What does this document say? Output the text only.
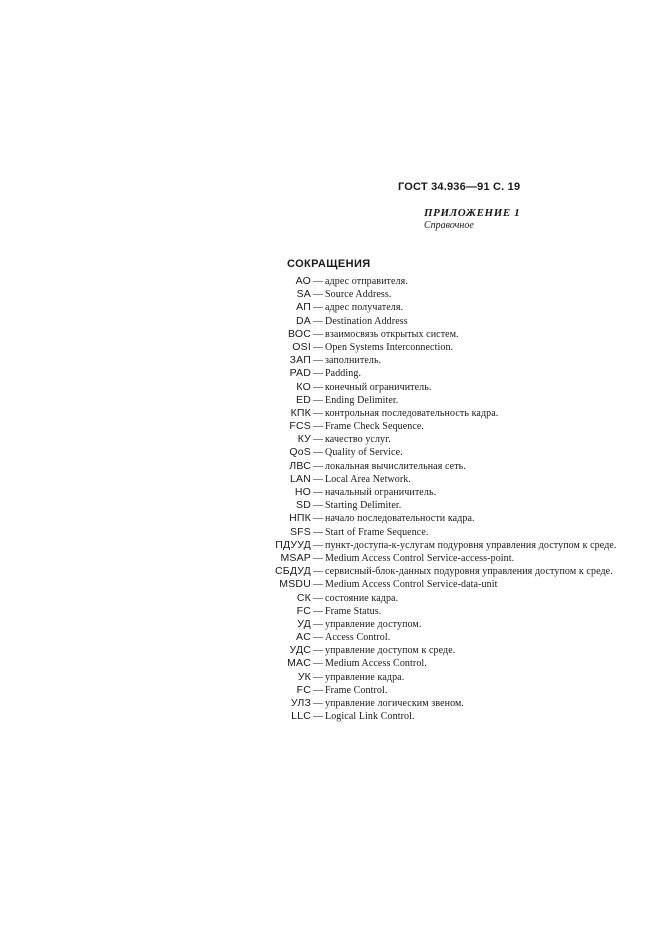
ГОСТ 34.936—91 С. 19
ПРИЛОЖЕНИЕ 1
Справочное
СОКРАЩЕНИЯ
АО — адрес отправителя.
SA — Source Address.
АП — адрес получателя.
DA — Destination Address
ВОС — взаимосвязь открытых систем.
OSI — Open Systems Interconnection.
ЗАП — заполнитель.
PAD — Padding.
КО — конечный ограничитель.
ED — Ending Delimiter.
КПК — контрольная последовательность кадра.
FCS — Frame Check Sequence.
КУ — качество услуг.
QoS — Quality of Service.
ЛВС — локальная вычислительная сеть.
LAN — Local Area Network.
НО — начальный ограничитель.
SD — Starting Delimiter.
НПК — начало последовательности кадра.
SFS — Start of Frame Sequence.
ПДУУД — пункт-доступа-к-услугам подуровня управления доступом к среде.
MSAP — Medium Access Control Service-access-point.
СБДУД — сервисный-блок-данных подуровня управления доступом к среде.
MSDU — Medium Access Control Service-data-unit
СК — состояние кадра.
FC — Frame Status.
УД — управление доступом.
AC — Access Control.
УДС — управление доступом к среде.
MAC — Medium Access Control.
УК — управление кадра.
FC — Frame Control.
УЛЗ — управление логическим звеном.
LLC — Logical Link Control.
